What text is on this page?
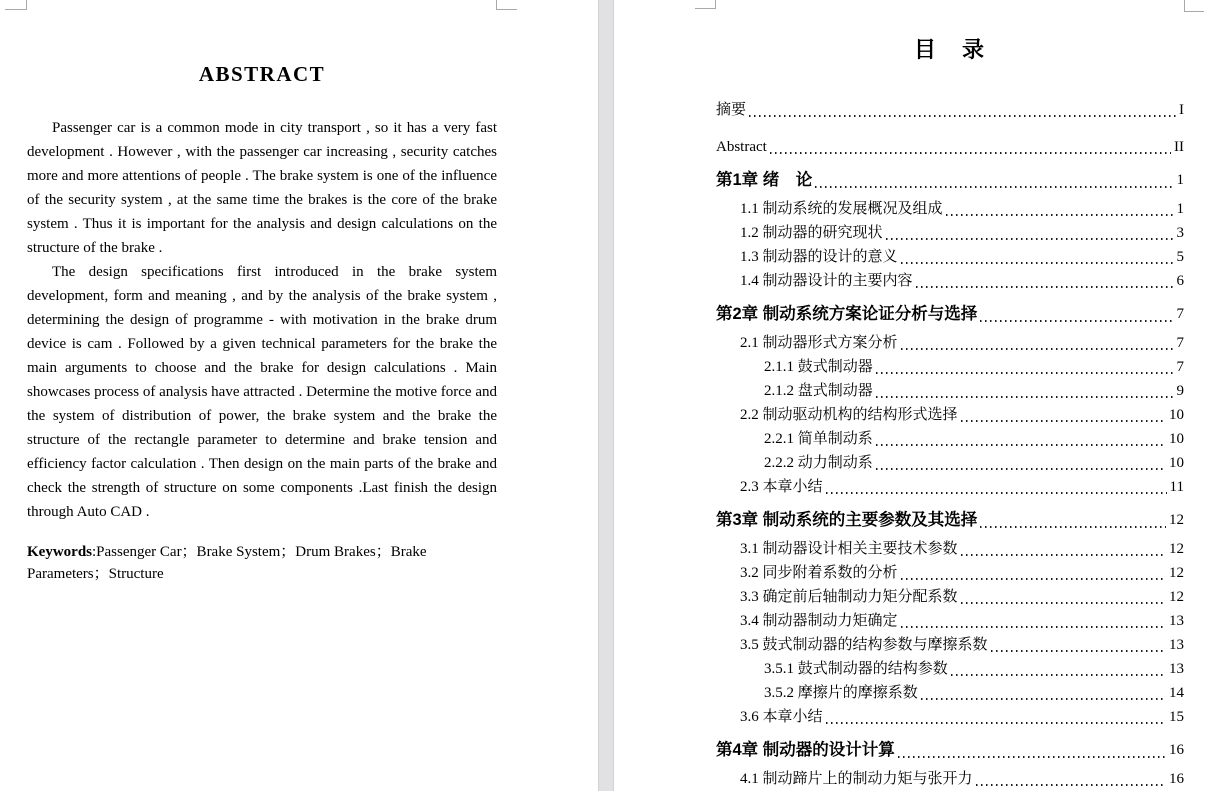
ABSTRACT

Passenger car is a common mode in city transport , so it has a very fast development . However , with the passenger car increasing , security catches more and more attentions of people . The brake system is one of the influence of the security system , at the same time the brakes is the core of the brake system . Thus it is important for the analysis and design calculations on the structure of the brake .

The design specifications first introduced in the brake system development, form and meaning , and by the analysis of the brake system , determining the design of programme - with motivation in the brake drum device is cam . Followed by a given technical parameters for the brake the main arguments to choose and the brake for design calculations . Main showcases process of analysis have attracted . Determine the motive force and the system of distribution of power, the brake system and the brake the structure of the rectangle parameter to determine and brake tension and efficiency factor calculation . Then design on the main parts of the brake and check the strength of structure on some components .Last finish the design through Auto CAD .

Keywords:Passenger Car；Brake System；Drum Brakes；Brake Parameters；Structure
目　录
摘要	I
Abstract	II
第1章 绪　论	1
1.1 制动系统的发展概况及组成	1
1.2 制动器的研究现状	3
1.3 制动器的设计的意义	5
1.4 制动器设计的主要内容	6
第2章 制动系统方案论证分析与选择	7
2.1 制动器形式方案分析	7
2.1.1 鼓式制动器	7
2.1.2 盘式制动器	9
2.2 制动驱动机构的结构形式选择	10
2.2.1 简单制动系	10
2.2.2 动力制动系	10
2.3 本章小结	11
第3章 制动系统的主要参数及其选择	12
3.1 制动器设计相关主要技术参数	12
3.2 同步附着系数的分析	12
3.3 确定前后轴制动力矩分配系数	12
3.4 制动器制动力矩确定	13
3.5 鼓式制动器的结构参数与摩擦系数	13
3.5.1 鼓式制动器的结构参数	13
3.5.2 摩擦片的摩擦系数	14
3.6 本章小结	15
第4章 制动器的设计计算	16
4.1 制动蹄片上的制动力矩与张开力	16
